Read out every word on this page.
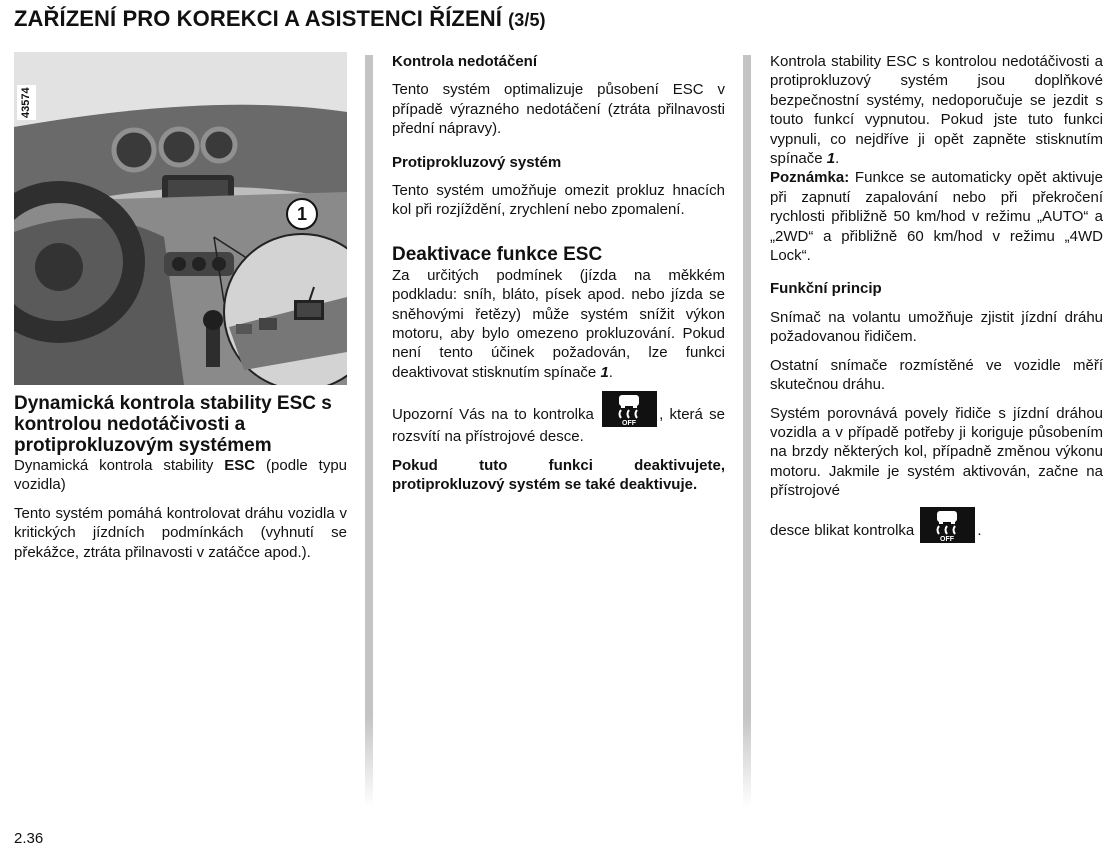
ZAŘÍZENÍ PRO KOREKCI A ASISTENCI ŘÍZENÍ (3/5)
43574
1
Dynamická kontrola stability ESC s kontrolou nedotáčivosti a protiprokluzovým systémem

Dynamická kontrola stability ESC (podle typu vozidla)

Tento systém pomáhá kontrolovat dráhu vozidla v kritických jízdních podmínkách (vyhnutí se překážce, ztráta přilnavosti v zatáčce apod.).

Kontrola nedotáčení

Tento systém optimalizuje působení ESC v případě výrazného nedotáčení (ztráta přilnavosti přední nápravy).

Protiprokluzový systém

Tento systém umožňuje omezit prokluz hnacích kol při rozjíždění, zrychlení nebo zpomalení.

Deaktivace funkce ESC

Za určitých podmínek (jízda na měkkém podkladu: sníh, bláto, písek apod. nebo jízda se sněhovými řetězy) může systém snížit výkon motoru, aby bylo omezeno prokluzování. Pokud není tento účinek požadován, lze funkci deaktivovat stisknutím spínače 1.

Upozorní Vás na to kontrolka
OFF
, která se rozsvítí na přístrojové desce.

Pokud tuto funkci deaktivujete, protiprokluzový systém se také deaktivuje.

Kontrola stability ESC s kontrolou nedotáčivosti a protiprokluzový systém jsou doplňkové bezpečnostní systémy, nedoporučuje se jezdit s touto funkcí vypnutou. Pokud jste tuto funkci vypnuli, co nejdříve ji opět zapněte stisknutím spínače 1.

Poznámka: Funkce se automaticky opět aktivuje při zapnutí zapalování nebo při překročení rychlosti přibližně 50 km/hod v režimu „AUTO“ a „2WD“ a přibližně 60 km/hod v režimu „4WD Lock“.

Funkční princip

Snímač na volantu umožňuje zjistit jízdní dráhu požadovanou řidičem.

Ostatní snímače rozmístěné ve vozidle měří skutečnou dráhu.

Systém porovnává povely řidiče s jízdní dráhou vozidla a v případě potřeby ji koriguje působením na brzdy některých kol, případně změnou výkonu motoru. Jakmile je systém aktivován, začne na přístrojové

desce blikat kontrolka
OFF
.

2.36
